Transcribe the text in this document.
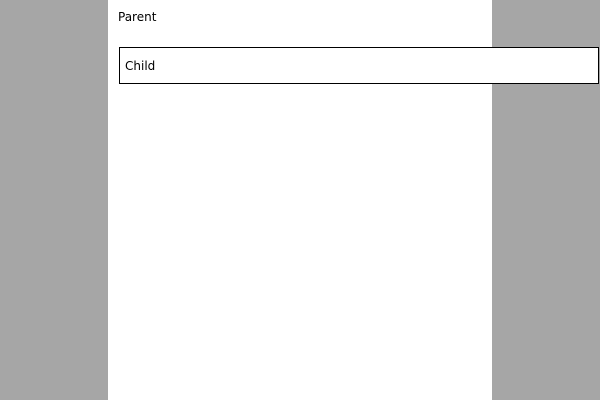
Parent
Child
